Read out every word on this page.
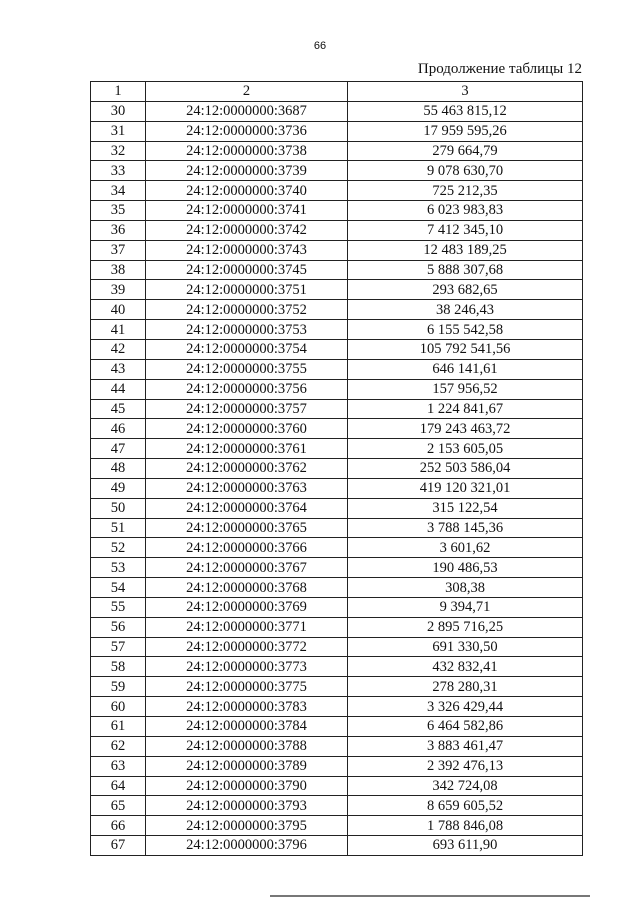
66
Продолжение таблицы 12
1	2	3
30	24:12:0000000:3687	55 463 815,12
31	24:12:0000000:3736	17 959 595,26
32	24:12:0000000:3738	279 664,79
33	24:12:0000000:3739	9 078 630,70
34	24:12:0000000:3740	725 212,35
35	24:12:0000000:3741	6 023 983,83
36	24:12:0000000:3742	7 412 345,10
37	24:12:0000000:3743	12 483 189,25
38	24:12:0000000:3745	5 888 307,68
39	24:12:0000000:3751	293 682,65
40	24:12:0000000:3752	38 246,43
41	24:12:0000000:3753	6 155 542,58
42	24:12:0000000:3754	105 792 541,56
43	24:12:0000000:3755	646 141,61
44	24:12:0000000:3756	157 956,52
45	24:12:0000000:3757	1 224 841,67
46	24:12:0000000:3760	179 243 463,72
47	24:12:0000000:3761	2 153 605,05
48	24:12:0000000:3762	252 503 586,04
49	24:12:0000000:3763	419 120 321,01
50	24:12:0000000:3764	315 122,54
51	24:12:0000000:3765	3 788 145,36
52	24:12:0000000:3766	3 601,62
53	24:12:0000000:3767	190 486,53
54	24:12:0000000:3768	308,38
55	24:12:0000000:3769	9 394,71
56	24:12:0000000:3771	2 895 716,25
57	24:12:0000000:3772	691 330,50
58	24:12:0000000:3773	432 832,41
59	24:12:0000000:3775	278 280,31
60	24:12:0000000:3783	3 326 429,44
61	24:12:0000000:3784	6 464 582,86
62	24:12:0000000:3788	3 883 461,47
63	24:12:0000000:3789	2 392 476,13
64	24:12:0000000:3790	342 724,08
65	24:12:0000000:3793	8 659 605,52
66	24:12:0000000:3795	1 788 846,08
67	24:12:0000000:3796	693 611,90
